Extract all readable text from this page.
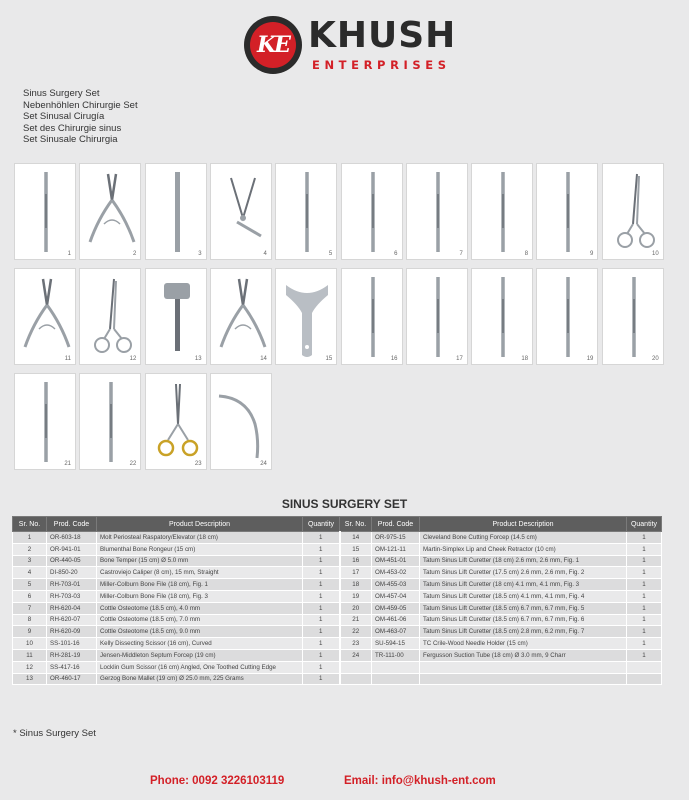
KE KHUSH
ENTERPRISES
Sinus Surgery Set
Nebenhöhlen Chirurgie Set
Set Sinusal Cirugía
Set des Chirurgie sinus
Set Sinusale Chirurgia
1	2	3	4	5	6	7	8	9	10
11	12	13	14	15	16	17	18	19	20
21	22	23	24
SINUS SURGERY SET
Sr. No.	Prod. Code	Product Description	Quantity	Sr. No.	Prod. Code	Product Description	Quantity
1	OR-603-18	Molt Periosteal Raspatory/Elevator (18 cm)	1	14	OR-975-15	Cleveland Bone Cutting Forcep (14.5 cm)	1
2	OR-941-01	Blumenthal Bone Rongeur (15 cm)	1	15	OM-121-11	Martin-Simplex Lip and Cheek Retractor (10 cm)	1
3	OR-440-05	Bone Temper (15 cm) Ø 5.0 mm	1	16	OM-451-01	Tatum Sinus Lift Curetter (18 cm) 2.6 mm, 2.6 mm, Fig. 1	1
4	DI-850-20	Castroviejo Caliper (8 cm), 15 mm, Straight	1	17	OM-453-02	Tatum Sinus Lift Curetter (17.5 cm) 2.6 mm, 2.6 mm, Fig. 2	1
5	RH-703-01	Miller-Colburn Bone File (18 cm), Fig. 1	1	18	OM-455-03	Tatum Sinus Lift Curetter (18 cm) 4.1 mm, 4.1 mm, Fig. 3	1
6	RH-703-03	Miller-Colburn Bone File (18 cm), Fig. 3	1	19	OM-457-04	Tatum Sinus Lift Curetter (18.5 cm) 4.1 mm, 4.1 mm, Fig. 4	1
7	RH-620-04	Cottle Osteotome (18.5 cm), 4.0 mm	1	20	OM-459-05	Tatum Sinus Lift Curetter (18.5 cm) 6.7 mm, 6.7 mm, Fig. 5	1
8	RH-620-07	Cottle Osteotome (18.5 cm), 7.0 mm	1	21	OM-461-06	Tatum Sinus Lift Curetter (18.5 cm) 6.7 mm, 6.7 mm, Fig. 6	1
9	RH-620-09	Cottle Osteotome (18.5 cm), 9.0 mm	1	22	OM-463-07	Tatum Sinus Lift Curetter (18.5 cm) 2.8 mm, 6.2 mm, Fig. 7	1
10	SS-101-16	Kelly Dissecting Scissor (16 cm), Curved	1	23	SU-594-15	TC Crile-Wood Needle Holder (15 cm)	1
11	RH-281-19	Jensen-Middleton Septum Forcep (19 cm)	1	24	TR-111-00	Fergusson Suction Tube (18 cm) Ø 3.0 mm, 9 Charr	1
12	SS-417-16	Locklin Gum Scissor (16 cm) Angled, One Toothed Cutting Edge	1				
13	OR-460-17	Gerzog Bone Mallet (19 cm) Ø 25.0 mm, 225 Grams	1				
* Sinus Surgery Set
Phone: 0092 3226103119	Email: info@khush-ent.com
